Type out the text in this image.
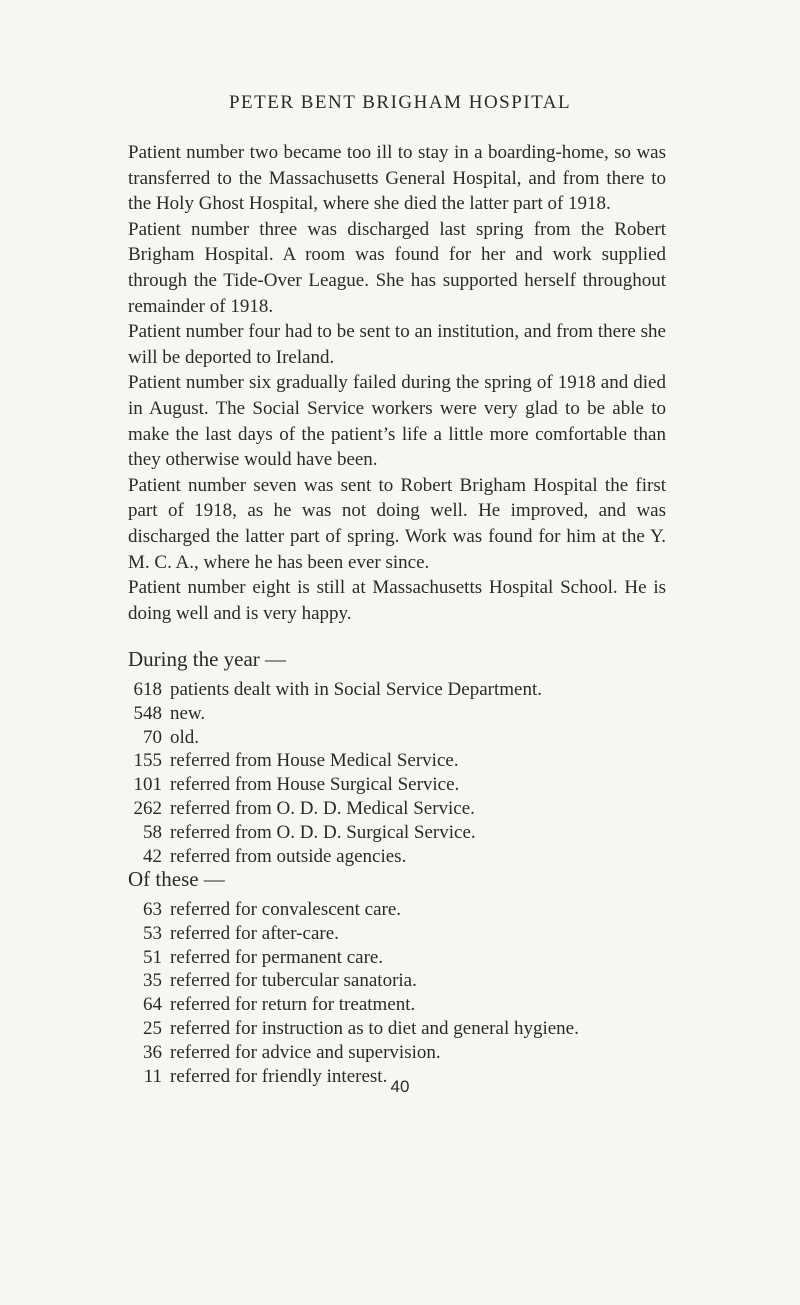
PETER BENT BRIGHAM HOSPITAL

Patient number two became too ill to stay in a boarding-home, so was transferred to the Massachusetts General Hospital, and from there to the Holy Ghost Hospital, where she died the latter part of 1918.

Patient number three was discharged last spring from the Robert Brigham Hospital. A room was found for her and work supplied through the Tide-Over League. She has supported herself throughout remainder of 1918.

Patient number four had to be sent to an institution, and from there she will be deported to Ireland.

Patient number six gradually failed during the spring of 1918 and died in August. The Social Service workers were very glad to be able to make the last days of the patient’s life a little more comfortable than they otherwise would have been.

Patient number seven was sent to Robert Brigham Hospital the first part of 1918, as he was not doing well. He improved, and was discharged the latter part of spring. Work was found for him at the Y. M. C. A., where he has been ever since.

Patient number eight is still at Massachusetts Hospital School. He is doing well and is very happy.

During the year —
618 patients dealt with in Social Service Department.
548 new.
70 old.
155 referred from House Medical Service.
101 referred from House Surgical Service.
262 referred from O. D. D. Medical Service.
58 referred from O. D. D. Surgical Service.
42 referred from outside agencies.
Of these —
63 referred for convalescent care.
53 referred for after-care.
51 referred for permanent care.
35 referred for tubercular sanatoria.
64 referred for return for treatment.
25 referred for instruction as to diet and general hygiene.
36 referred for advice and supervision.
11 referred for friendly interest. 40
